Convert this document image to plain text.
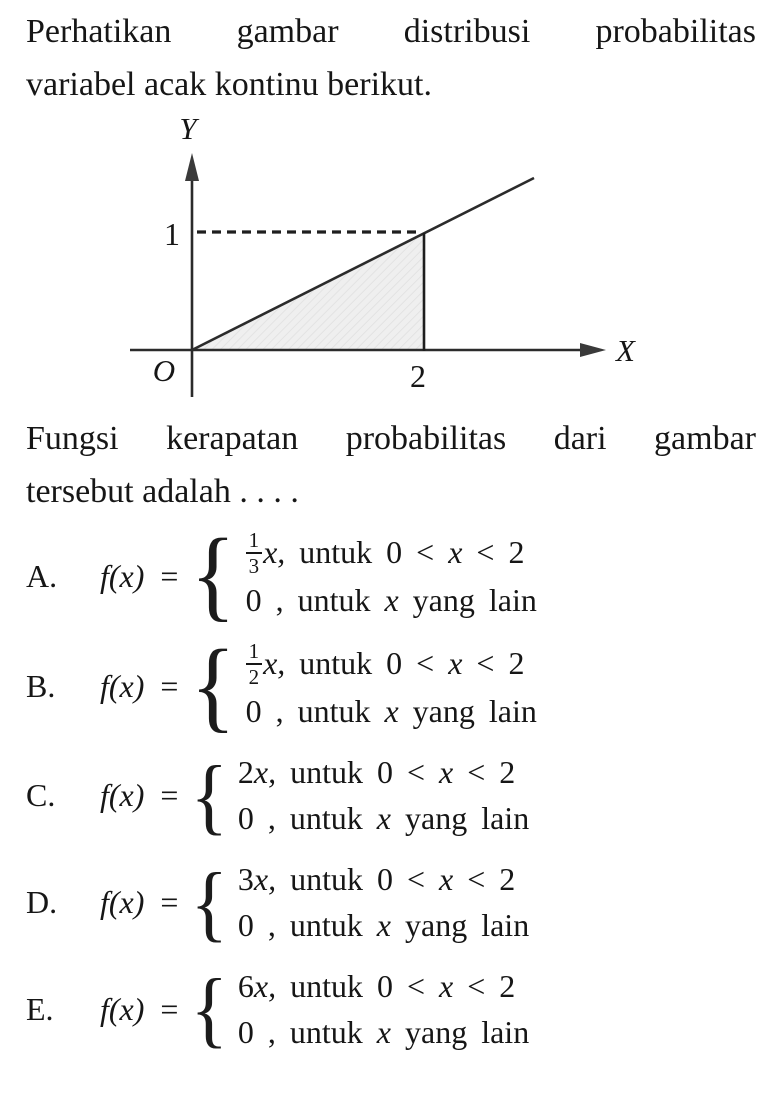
Perhatikan gambar distribusi probabilitas
variabel acak kontinu berikut.
X
Y
1
2
O
Fungsi kerapatan probabilitas dari gambar
tersebut adalah . . . .
A.	f(x) = { $\frac{1}{3} x$, untuk 0 < x < 2
0 , untuk x yang lain
B.	f(x) = { $\frac{1}{2} x$, untuk 0 < x < 2
0 , untuk x yang lain
C.	f(x) = { 2x, untuk 0 < x < 2
0 , untuk x yang lain
D.	f(x) = { 3x, untuk 0 < x < 2
0 , untuk x yang lain
E.	f(x) = { 6x, untuk 0 < x < 2
0 , untuk x yang lain
